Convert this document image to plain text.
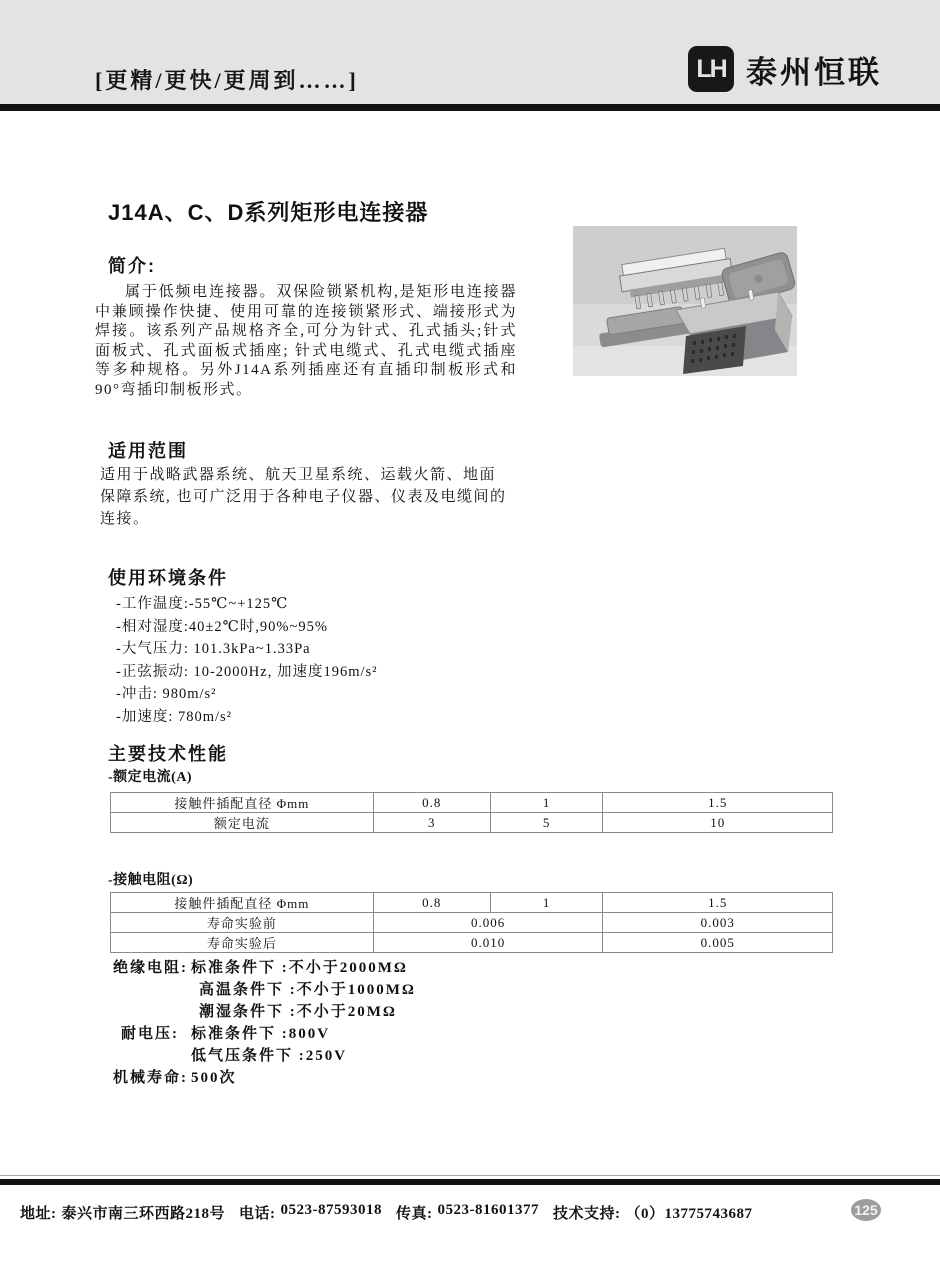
[更精/更快/更周到……]	LH 泰州恒联
J14A、C、D系列矩形电连接器
简介:

属于低频电连接器。双保险锁紧机构,是矩形电连接器中兼顾操作快捷、使用可靠的连接锁紧形式、端接形式为焊接。该系列产品规格齐全,可分为针式、孔式插头;针式面板式、孔式面板式插座; 针式电缆式、孔式电缆式插座等多种规格。另外J14A系列插座还有直插印制板形式和90°弯插印制板形式。

适用范围

适用于战略武器系统、航天卫星系统、运载火箭、地面保障系统, 也可广泛用于各种电子仪器、仪表及电缆间的连接。

使用环境条件
-工作温度:-55℃~+125℃
-相对湿度:40±2℃时,90%~95%
-大气压力: 101.3kPa~1.33Pa
-正弦振动: 10-2000Hz, 加速度196m/s²
-冲击: 980m/s²
-加速度: 780m/s²
主要技术性能
-额定电流(A)
接触件插配直径 Φmm	0.8	1	1.5
额定电流	3	5	10
-接触电阻(Ω)
接触件插配直径 Φmm	0.8	1	1.5
寿命实验前	0.006		0.003
寿命实验后	0.010		0.005
绝缘电阻: 标准条件下 :不小于2000MΩ
高温条件下 :不小于1000MΩ
潮湿条件下 :不小于20MΩ
耐电压: 标准条件下 :800V
低气压条件下 :250V
机械寿命: 500次
地址: 泰兴市南三环西路218号 电话: 0523-87593018 传真: 0523-81601377 技术支持: （0）13775743687	125
